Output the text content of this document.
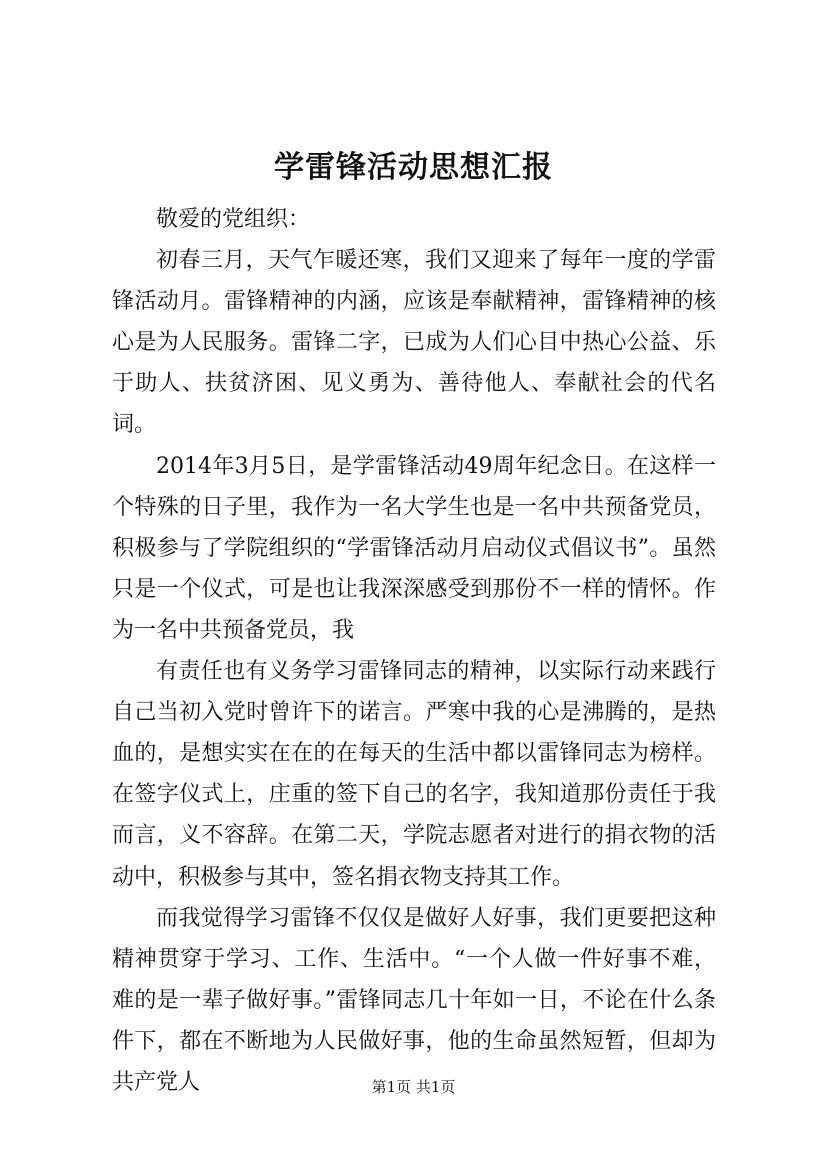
学雷锋活动思想汇报

敬爱的党组织：

初春三月，天气乍暖还寒，我们又迎来了每年一度的学雷锋活动月。雷锋精神的内涵，应该是奉献精神，雷锋精神的核心是为人民服务。雷锋二字，已成为人们心目中热心公益、乐于助人、扶贫济困、见义勇为、善待他人、奉献社会的代名词。

2014年3月5日，是学雷锋活动49周年纪念日。在这样一个特殊的日子里，我作为一名大学生也是一名中共预备党员，积极参与了学院组织的“学雷锋活动月启动仪式倡议书”。虽然只是一个仪式，可是也让我深深感受到那份不一样的情怀。作为一名中共预备党员，我

有责任也有义务学习雷锋同志的精神，以实际行动来践行自己当初入党时曾许下的诺言。严寒中我的心是沸腾的，是热血的，是想实实在在的在每天的生活中都以雷锋同志为榜样。在签字仪式上，庄重的签下自己的名字，我知道那份责任于我而言，义不容辞。在第二天，学院志愿者对进行的捐衣物的活动中，积极参与其中，签名捐衣物支持其工作。

而我觉得学习雷锋不仅仅是做好人好事，我们更要把这种精神贯穿于学习、工作、生活中。“一个人做一件好事不难，难的是一辈子做好事。”雷锋同志几十年如一日，不论在什么条件下，都在不断地为人民做好事，他的生命虽然短暂，但却为共产党人	第1页 共1页
